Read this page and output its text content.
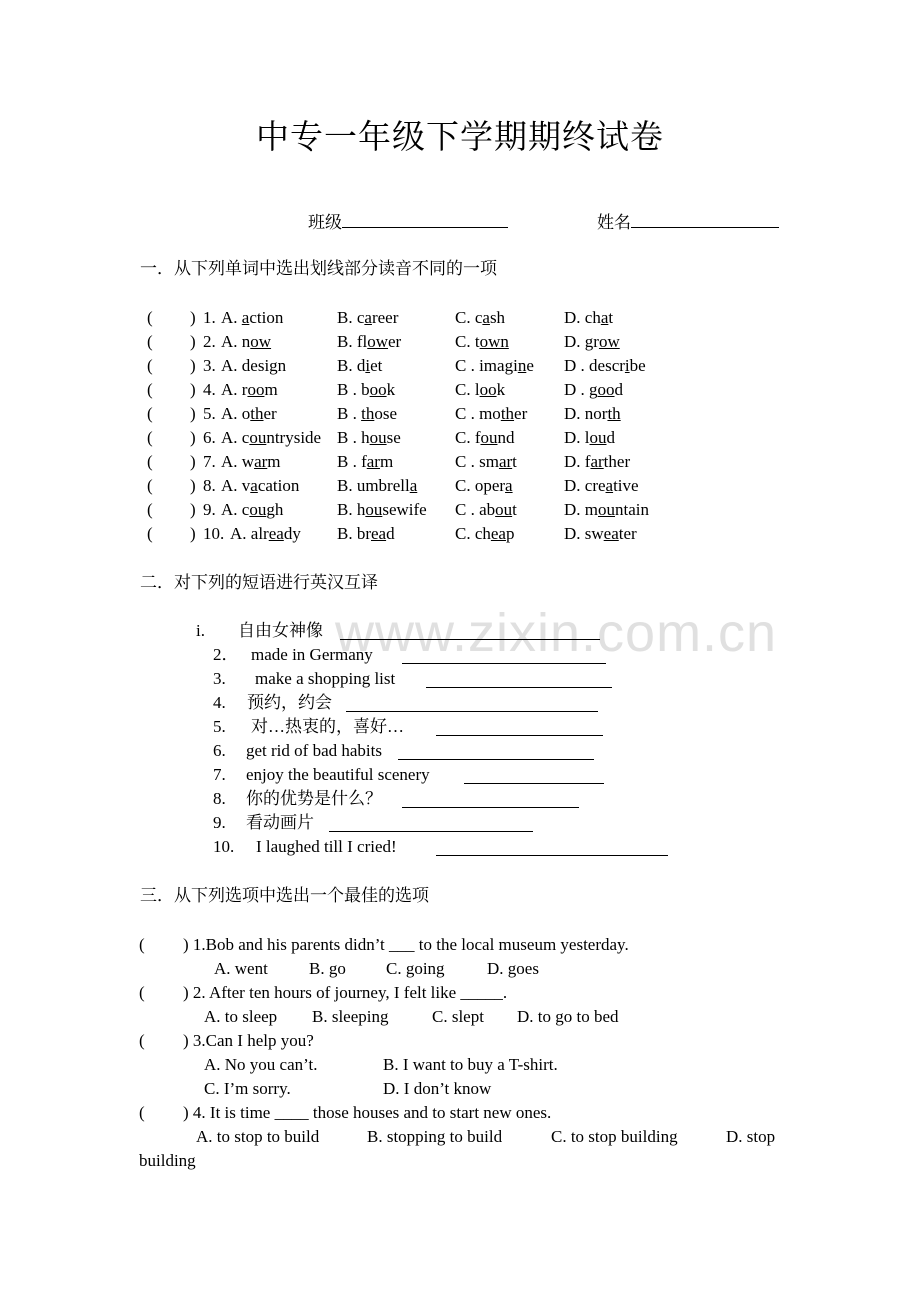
中专一年级下学期期终试卷
班级	姓名
一．从下列单词中选出划线部分读音不同的一项
( ) 1. A. action	B. career	C. cash	D. chat
( ) 2. A. now	B. flower	C. town	D. grow
( ) 3. A. design	B. diet	C . imagine D . describe
( ) 4. A. room	B . book	C. look	D . good
( ) 5. A. other	B . those	C . mother D. north
( ) 6. A. countryside B . house	C. found	D. loud
( ) 7. A. warm	B . farm	C . smart	D. farther
( ) 8. A. vacation B. umbrella C. opera	D. creative
( ) 9. A. cough	B. housewife C . about	D. mountain
( ) 10. A. already B. bread	C. cheap	D. sweater
www.zixin.com.cn
二．对下列的短语进行英汉互译
i. 自由女神像
2． made in Germany
3. make a shopping list
4. 预约，约会
5. 对…热衷的，喜好…
6. get rid of bad habits
7. enjoy the beautiful scenery
8. 你的优势是什么？
9. 看动画片
10. I laughed till I cried!
三．从下列选项中选出一个最佳的选项
( ) 1.Bob and his parents didn’t ___ to the local museum yesterday.
A. went B. go C. going D. goes
( ) 2. After ten hours of journey, I felt like _____.
A. to sleep B. sleeping	C. slept D. to go to bed
( ) 3.Can I help you?
A. No you can’t.	B. I want to buy a T-shirt.
C. I’m sorry.	D. I don’t know
( ) 4. It is time ____ those houses and to start new ones.
A. to stop to build	B. stopping to build	C. to stop building	D. stop
building
